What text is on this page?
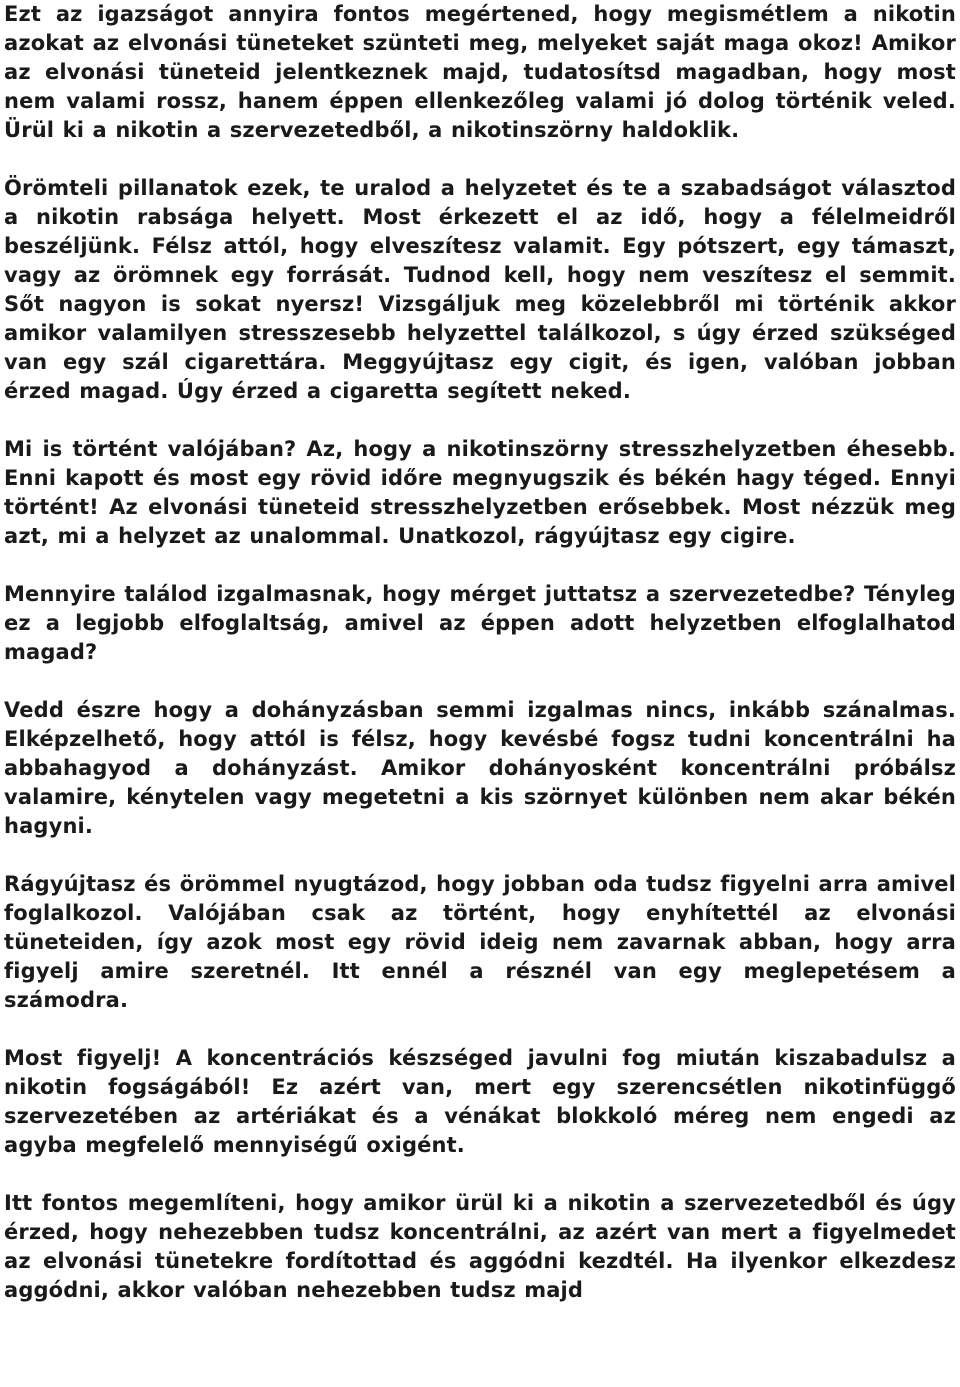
Ezt az igazságot annyira fontos megértened, hogy megismétlem a nikotin azokat az elvonási tüneteket szünteti meg, melyeket saját maga okoz! Amikor az elvonási tüneteid jelentkeznek majd, tudatosítsd magadban, hogy most nem valami rossz, hanem éppen ellenkezőleg valami jó dolog történik veled. Ürül ki a nikotin a szervezetedből, a nikotinszörny haldoklik.

Örömteli pillanatok ezek, te uralod a helyzetet és te a szabadságot választod a nikotin rabsága helyett. Most érkezett el az idő, hogy a félelmeidről beszéljünk. Félsz attól, hogy elveszítesz valamit. Egy pótszert, egy támaszt, vagy az örömnek egy forrását. Tudnod kell, hogy nem veszítesz el semmit. Sőt nagyon is sokat nyersz! Vizsgáljuk meg közelebbről mi történik akkor amikor valamilyen stresszesebb helyzettel találkozol, s úgy érzed szükséged van egy szál cigarettára. Meggyújtasz egy cigit, és igen, valóban jobban érzed magad. Úgy érzed a cigaretta segített neked.

Mi is történt valójában? Az, hogy a nikotinszörny stresszhelyzetben éhesebb. Enni kapott és most egy rövid időre megnyugszik és békén hagy téged. Ennyi történt! Az elvonási tüneteid stresszhelyzetben erősebbek. Most nézzük meg azt, mi a helyzet az unalommal. Unatkozol, rágyújtasz egy cigire.

Mennyire találod izgalmasnak, hogy mérget juttatsz a szervezetedbe? Tényleg ez a legjobb elfoglaltság, amivel az éppen adott helyzetben elfoglalhatod magad?

Vedd észre hogy a dohányzásban semmi izgalmas nincs, inkább szánalmas. Elképzelhető, hogy attól is félsz, hogy kevésbé fogsz tudni koncentrálni ha abbahagyod a dohányzást. Amikor dohányosként koncentrálni próbálsz valamire, kénytelen vagy megetetni a kis szörnyet különben nem akar békén hagyni.

Rágyújtasz és örömmel nyugtázod, hogy jobban oda tudsz figyelni arra amivel foglalkozol. Valójában csak az történt, hogy enyhítettél az elvonási tüneteiden, így azok most egy rövid ideig nem zavarnak abban, hogy arra figyelj amire szeretnél. Itt ennél a résznél van egy meglepetésem a számodra.

Most figyelj! A koncentrációs készséged javulni fog miután kiszabadulsz a nikotin fogságából! Ez azért van, mert egy szerencsétlen nikotinfüggő szervezetében az artériákat és a vénákat blokkoló méreg nem engedi az agyba megfelelő mennyiségű oxigént.

Itt fontos megemlíteni, hogy amikor ürül ki a nikotin a szervezetedből és úgy érzed, hogy nehezebben tudsz koncentrálni, az azért van mert a figyelmedet az elvonási tünetekre fordítottad és aggódni kezdtél. Ha ilyenkor elkezdesz aggódni, akkor valóban nehezebben tudsz majd
